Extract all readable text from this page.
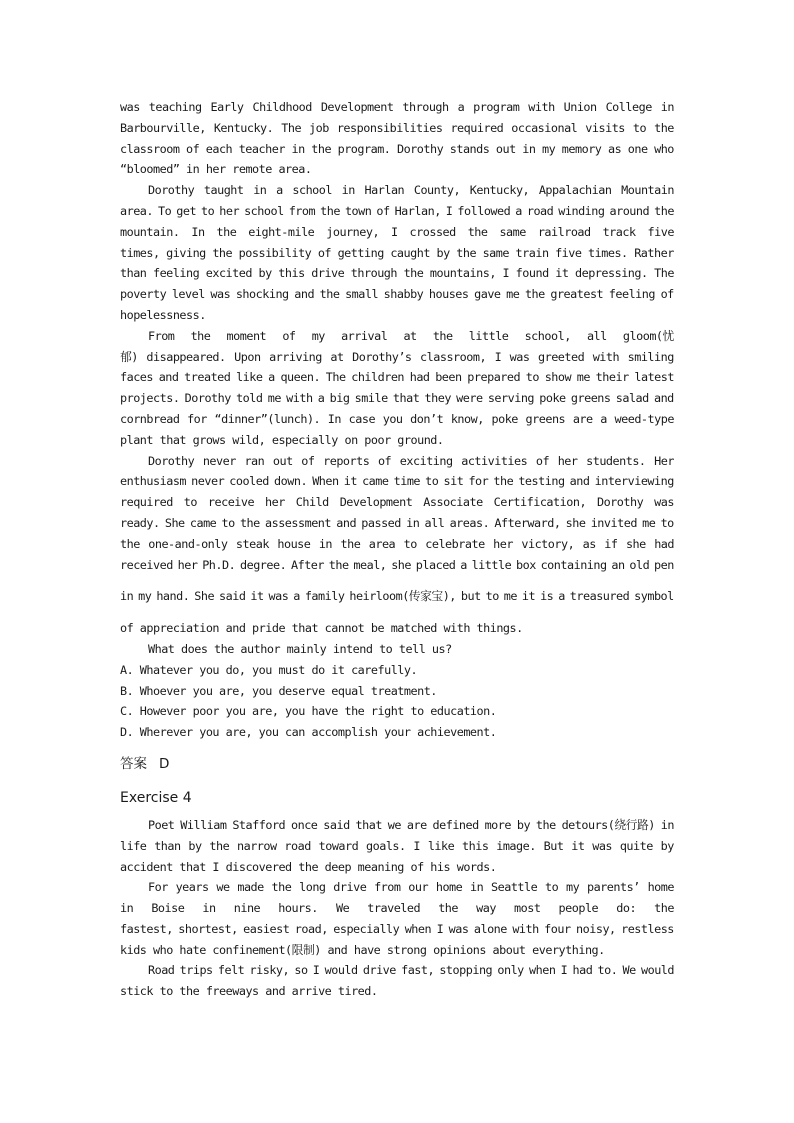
was teaching Early Childhood Development through a program with Union College in
Barbourville, Kentucky. The job responsibilities required occasional visits to the
classroom of each teacher in the program. Dorothy stands out in my memory as one who
“bloomed” in her remote area.
Dorothy taught in a school in Harlan County, Kentucky, Appalachian Mountain
area. To get to her school from the town of Harlan, I followed a road winding around the
mountain. In the eight-mile journey, I crossed the same railroad track five
times, giving the possibility of getting caught by the same train five times. Rather
than feeling excited by this drive through the mountains, I found it depressing. The
poverty level was shocking and the small shabby houses gave me the greatest feeling of
hopelessness.
From the moment of my arrival at the little school, all gloom(忧
郁) disappeared. Upon arriving at Dorothy’s classroom, I was greeted with smiling
faces and treated like a queen. The children had been prepared to show me their latest
projects. Dorothy told me with a big smile that they were serving poke greens salad and
cornbread for “dinner”(lunch). In case you don’t know, poke greens are a weed-type
plant that grows wild, especially on poor ground.
Dorothy never ran out of reports of exciting activities of her students. Her
enthusiasm never cooled down. When it came time to sit for the testing and interviewing
required to receive her Child Development Associate Certification, Dorothy was
ready. She came to the assessment and passed in all areas. Afterward, she invited me to
the one-and-only steak house in the area to celebrate her victory, as if she had
received her Ph.D. degree. After the meal, she placed a little box containing an old pen
in my hand. She said it was a family heirloom(传家宝), but to me it is a treasured symbol
of appreciation and pride that cannot be matched with things.
What does the author mainly intend to tell us?
A. Whatever you do, you must do it carefully.
B. Whoever you are, you deserve equal treatment.
C. However poor you are, you have the right to education.
D. Wherever you are, you can accomplish your achievement.
答案 D
Exercise 4
Poet William Stafford once said that we are defined more by the detours(绕行路) in
life than by the narrow road toward goals. I like this image. But it was quite by
accident that I discovered the deep meaning of his words.
For years we made the long drive from our home in Seattle to my parents’ home
in Boise in nine hours. We traveled the way most people do: the
fastest, shortest, easiest road, especially when I was alone with four noisy, restless
kids who hate confinement(限制) and have strong opinions about everything.
Road trips felt risky, so I would drive fast, stopping only when I had to. We would
stick to the freeways and arrive tired.
